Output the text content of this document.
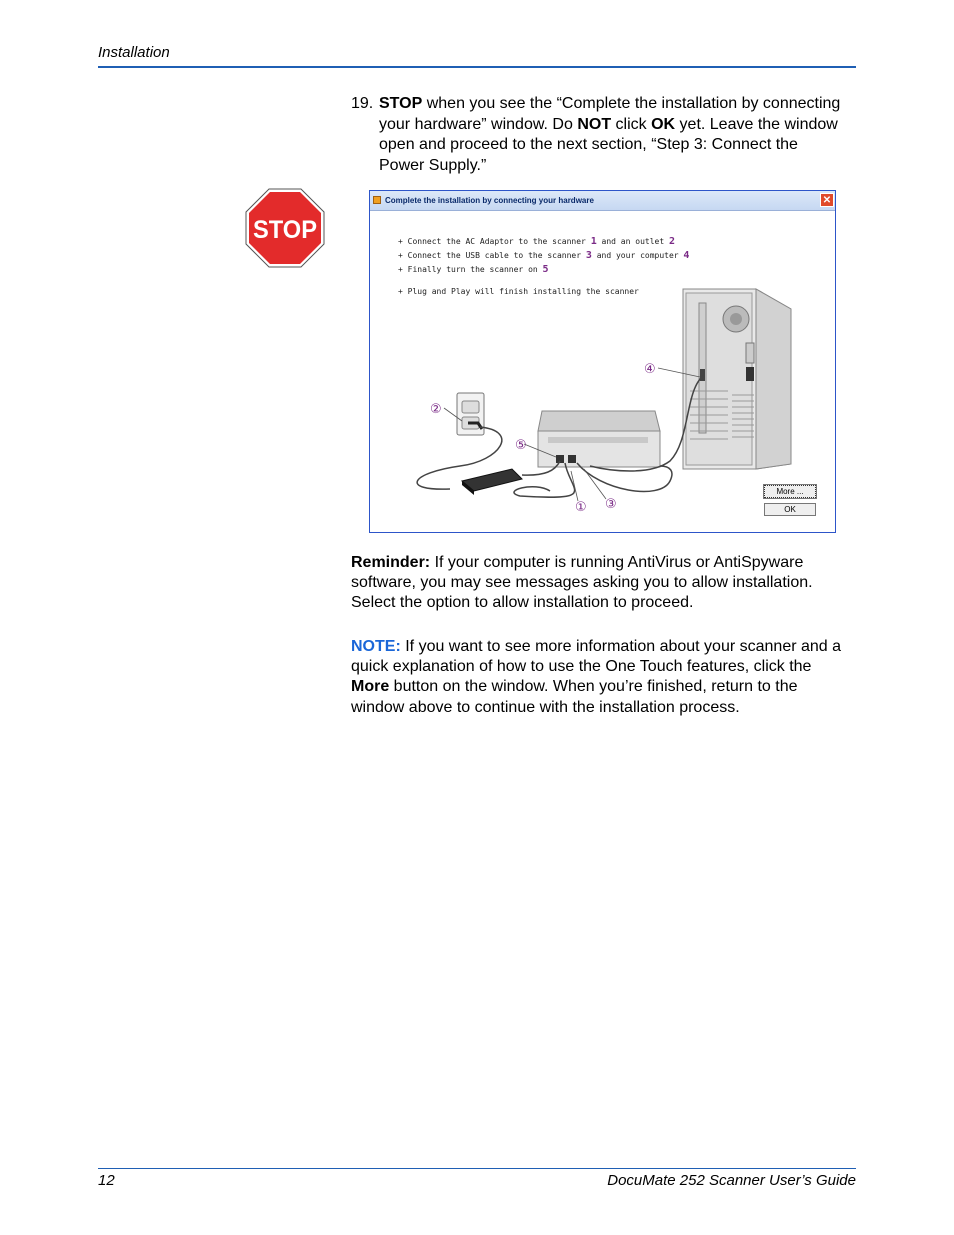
Installation
19. STOP when you see the “Complete the installation by connecting your hardware” window. Do NOT click OK yet. Leave the window open and proceed to the next section, “Step 3: Connect the Power Supply.”
STOP
Complete the installation by connecting your hardware	✕
①
②
③
④
⑤
+ Connect the AC Adaptor to the scanner 1 and an outlet 2
+ Connect the USB cable to the scanner 3 and your computer 4
+ Finally turn the scanner on 5
+ Plug and Play will finish installing the scanner
More ...
OK
Reminder: If your computer is running AntiVirus or AntiSpyware software, you may see messages asking you to allow installation. Select the option to allow installation to proceed.
NOTE: If you want to see more information about your scanner and a quick explanation of how to use the One Touch features, click the More button on the window. When you’re finished, return to the window above to continue with the installation process.
12	DocuMate 252 Scanner User’s Guide
